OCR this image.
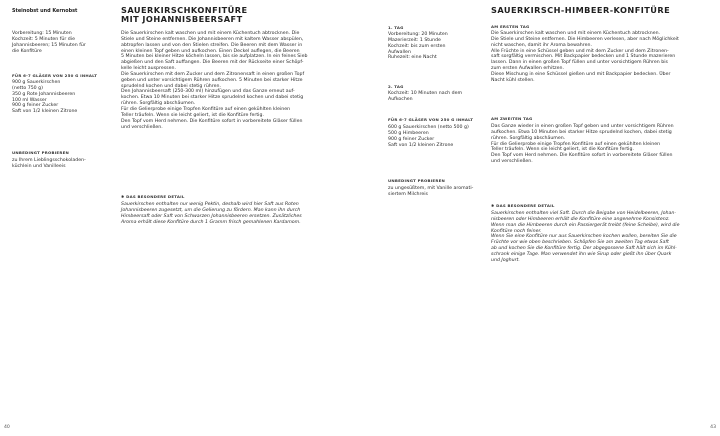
Steinobst und Kernobst
Vorbereitung: 15 Minuten
Kochzeit: 5 Minuten für die
Johannisbeeren; 15 Minuten für
die Konfitüre
FÜR 6-7 GLÄSER VON 250 G INHALT
900 g Sauerkirschen
(netto 750 g)
350 g Rote Johannisbeeren
100 ml Wasser
900 g feiner Zucker
Saft von 1/2 kleinen Zitrone
UNBEDINGT PROBIEREN
zu Ihrem Lieblingsschokoladen-
küchlein und Vanilleeis
SAUERKIRSCHKONFITÜRE
MIT JOHANNISBEERSAFT
Die Sauerkirschen kalt waschen und mit einem Küchentuch abtrocknen. Die
Stiele und Steine entfernen. Die Johannisbeeren mit kaltem Wasser abspülen,
abtropfen lassen und von den Stielen streifen. Die Beeren mit dem Wasser in
einen kleinen Topf geben und aufkochen. Einen Deckel auflegen, die Beeren
5 Minuten bei kleiner Hitze köcheln lassen, bis sie aufplatzen. In ein feines Sieb
abgießen und den Saft auffangen. Die Beeren mit der Rückseite einer Schöpf-
kelle leicht auspressen.
Die Sauerkirschen mit dem Zucker und dem Zitronensaft in einen großen Topf
geben und unter vorsichtigem Rühren aufkochen. 5 Minuten bei starker Hitze
sprudelnd kochen und dabei stetig rühren.
Den Johannisbeersaft (250-300 ml) hinzufügen und das Ganze erneut auf-
kochen. Etwa 10 Minuten bei starker Hitze sprudelnd kochen und dabei stetig
rühren. Sorgfältig abschäumen.
Für die Gelierprobe einige Tropfen Konfitüre auf einen gekühlten kleinen
Teller träufeln. Wenn sie leicht geliert, ist die Konfitüre fertig.
Den Topf vom Herd nehmen. Die Konfitüre sofort in vorbereitete Gläser füllen
und verschließen.
✱ DAS BESONDERE DETAIL
Sauerkirschen enthalten nur wenig Pektin, deshalb wird hier Saft aus Roten
Johannisbeeren zugesetzt, um die Gelierung zu fördern. Man kann ihn durch
Himbeersaft oder Saft von Schwarzen Johannisbeeren ersetzen. Zusätzliches
Aroma erhält diese Konfitüre durch 1 Gramm frisch gemahlenen Kardamom.
40
1. TAG
Vorbereitung: 20 Minuten
Mazerierzeit: 1 Stunde
Kochzeit: bis zum ersten
Aufwallen
Ruhezeit: eine Nacht
2. TAG
Kochzeit: 10 Minuten nach dem
Aufkochen
FÜR 6-7 GLÄSER VON 250 G INHALT
600 g Sauerkirschen (netto 500 g)
500 g Himbeeren
900 g feiner Zucker
Saft von 1/2 kleinen Zitrone
UNBEDINGT PROBIEREN
zu ungesüßtem, mit Vanille aromati-
siertem Milchreis
SAUERKIRSCH-HIMBEER-KONFITÜRE
AM ERSTEN TAG
Die Sauerkirschen kalt waschen und mit einem Küchentuch abtrocknen.
Die Stiele und Steine entfernen. Die Himbeeren verlesen, aber nach Möglichkeit
nicht waschen, damit ihr Aroma bewahren.
Alle Früchte in eine Schüssel geben und mit dem Zucker und dem Zitronen-
saft sorgfältig vermischen. Mit Backpapier bedecken und 1 Stunde mazerieren
lassen. Dann in einen großen Topf füllen und unter vorsichtigem Rühren bis
zum ersten Aufwallen erhitzen.
Diese Mischung in eine Schüssel gießen und mit Backpapier bedecken. Über
Nacht kühl stellen.
AM ZWEITEN TAG
Das Ganze wieder in einen großen Topf geben und unter vorsichtigem Rühren
aufkochen. Etwa 10 Minuten bei starker Hitze sprudelnd kochen, dabei stetig
rühren. Sorgfältig abschäumen.
Für die Gelierprobe einige Tropfen Konfitüre auf einen gekühlten kleinen
Teller träufeln. Wenn sie leicht geliert, ist die Konfitüre fertig.
Den Topf vom Herd nehmen. Die Konfitüre sofort in vorbereitete Gläser füllen
und verschließen.
✱ DAS BESONDERE DETAIL
Sauerkirschen enthalten viel Saft. Durch die Beigabe von Heidelbeeren, Johan-
nisbeeren oder Himbeeren erhält die Konfitüre eine angenehme Konsistenz.
Wenn man die Himbeeren durch ein Passiergerät treibt (feine Scheibe), wird die
Konfitüre noch feiner.
Wenn Sie eine Konfitüre nur aus Sauerkirschen kochen wollen, bereiten Sie die
Früchte vor wie oben beschrieben. Schöpfen Sie am zweiten Tag etwas Saft
ab und kochen Sie die Konfitüre fertig. Der abgegossene Saft hält sich im Kühl-
schrank einige Tage. Man verwendet ihn wie Sirup oder gießt ihn über Quark
und Joghurt.
43
